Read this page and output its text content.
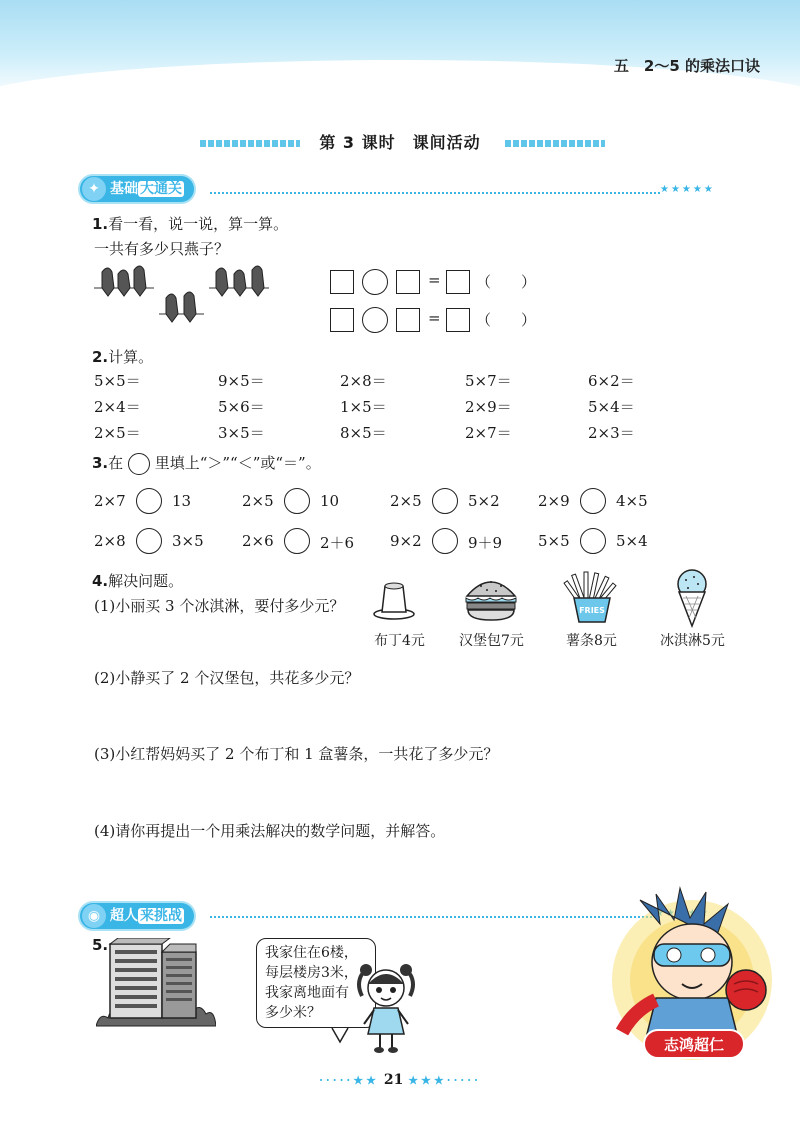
五　2～5 的乘法口诀
第 3 课时　课间活动
✦ 基础 大通关	★★★★★
1.看一看，说一说，算一算。
一共有多少只燕子？
= （　　）
= （　　）
2.计算。
5×5＝	9×5＝	2×8＝	5×7＝	6×2＝
2×4＝	5×6＝	1×5＝	2×9＝	5×4＝
2×5＝	3×5＝	8×5＝	2×7＝	2×3＝
3.在 里填上“＞”“＜”或“＝”。
2×7	13	2×5	10	2×5	5×2	2×9	4×5
2×8	3×5	2×6	2＋6 9×2	9＋9 5×5	5×4
4.解决问题。
(1)小丽买 3 个冰淇淋，要付多少元？
(2)小静买了 2 个汉堡包，共花多少元？
(3)小红帮妈妈买了 2 个布丁和 1 盒薯条，一共花了多少元？
(4)请你再提出一个用乘法解决的数学问题，并解答。
布丁4元 汉堡包7元
FRIES
薯条8元	冰淇淋5元
◉ 超人 来挑战
5.	我家住在6楼，
每层楼房3米，
我家离地面有
多少米？
志鸿超仁
·····★★ 21 ★★★·····
